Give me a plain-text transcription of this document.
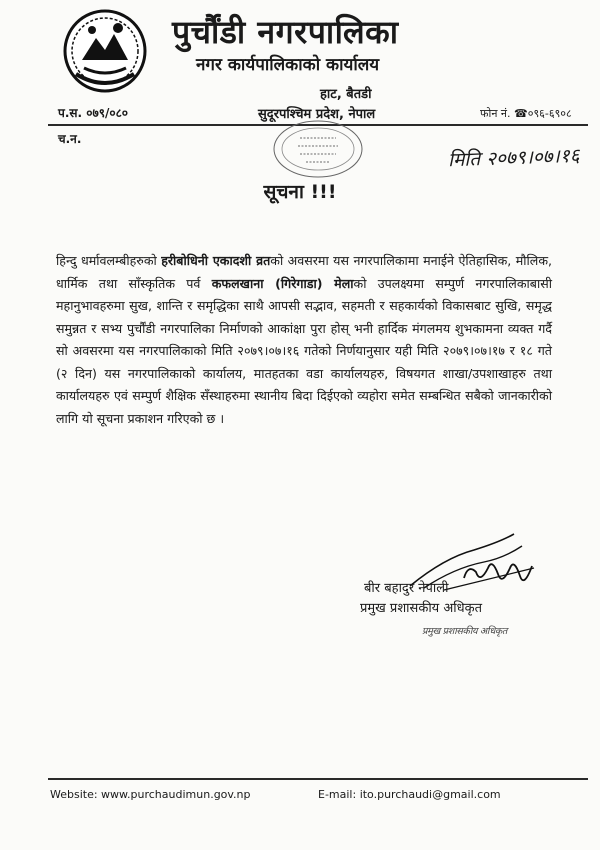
पुर्चौंडी नगरपालिका
नगर कार्यपालिकाको कार्यालय
हाट, बैतडी
सुदूरपश्चिम प्रदेश, नेपाल
प.स. ०७९/०८०	फोन नं. ☎०९६-६९०८
च.न.
मिति २०७९।०७।१६
सूचना !!!
हिन्दु धर्मावलम्बीहरुको हरीबोधिनी एकादशी व्रतको अवसरमा यस नगरपालिकामा मनाईने ऐतिहासिक, मौलिक, धार्मिक तथा साँस्कृतिक पर्व कफलखाना (गिरेगाडा) मेलाको उपलक्ष्यमा सम्पुर्ण नगरपालिकाबासी महानुभावहरुमा सुख, शान्ति र समृद्धिका साथै आपसी सद्भाव, सहमती र सहकार्यको विकासबाट सुखि, समृद्ध समुन्नत र सभ्य पुर्चौंडी नगरपालिका निर्माणको आकांक्षा पुरा होस् भनी हार्दिक मंगलमय शुभकामना व्यक्त गर्दै सो अवसरमा यस नगरपालिकाको मिति २०७९।०७।१६ गतेको निर्णयानुसार यही मिति २०७९।०७।१७ र १८ गते (२ दिन) यस नगरपालिकाको कार्यालय, मातहतका वडा कार्यालयहरु, विषयगत शाखा/उपशाखाहरु तथा कार्यालयहरु एवं सम्पुर्ण शैक्षिक सँस्थाहरुमा स्थानीय बिदा दिईएको व्यहोरा समेत सम्बन्धित सबैको जानकारीको लागि यो सूचना प्रकाशन गरिएको छ ।
बीर बहादुर नेपाली
प्रमुख प्रशासकीय अधिकृत
प्रमुख प्रशासकीय अधिकृत
Website: www.purchaudimun.gov.np	E-mail: ito.purchaudi@gmail.com
